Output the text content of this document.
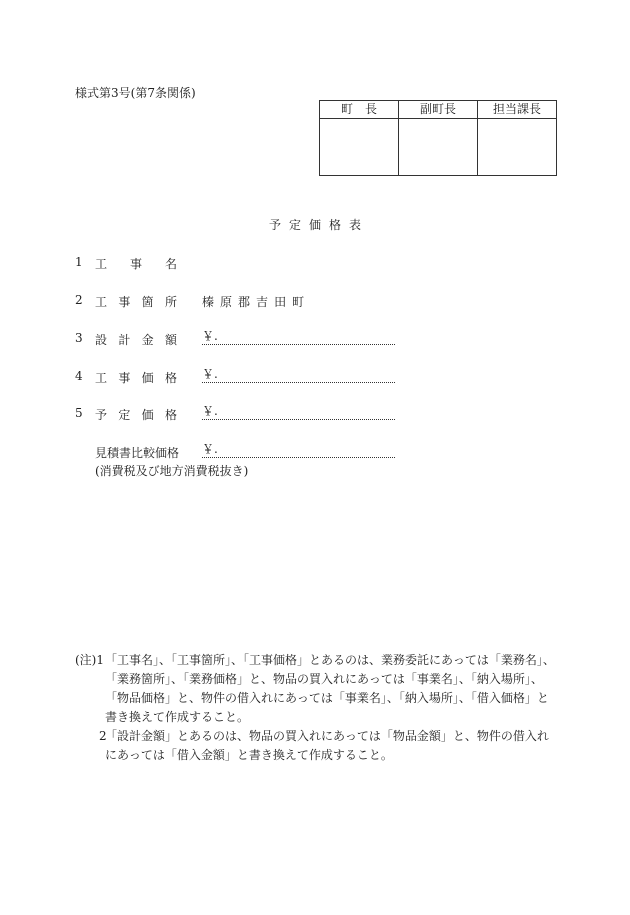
様式第3号(第7条関係)
町　長	副町長	担当課長

予 定 価 格 表
1 工 事 名
2 工 事 箇 所 榛 原 郡 吉 田 町
3 設 計 金 額 ￥.
4 工 事 価 格 ￥.
5 予 定 価 格 ￥.
見積書比較価格 ￥.
(消費税及び地方消費税抜き)
(注)1 「工事名」、「工事箇所」、「工事価格」とあるのは、業務委託にあっては「業務名」、「業務箇所」、「業務価格」と、物品の買入れにあっては「事業名」、「納入場所」、「物品価格」と、物件の借入れにあっては「事業名」、「納入場所」、「借入価格」と書き換えて作成すること。
2
「設計金額」とあるのは、物品の買入れにあっては「物品金額」と、物件の借入れにあっては「借入金額」と書き換えて作成すること。
